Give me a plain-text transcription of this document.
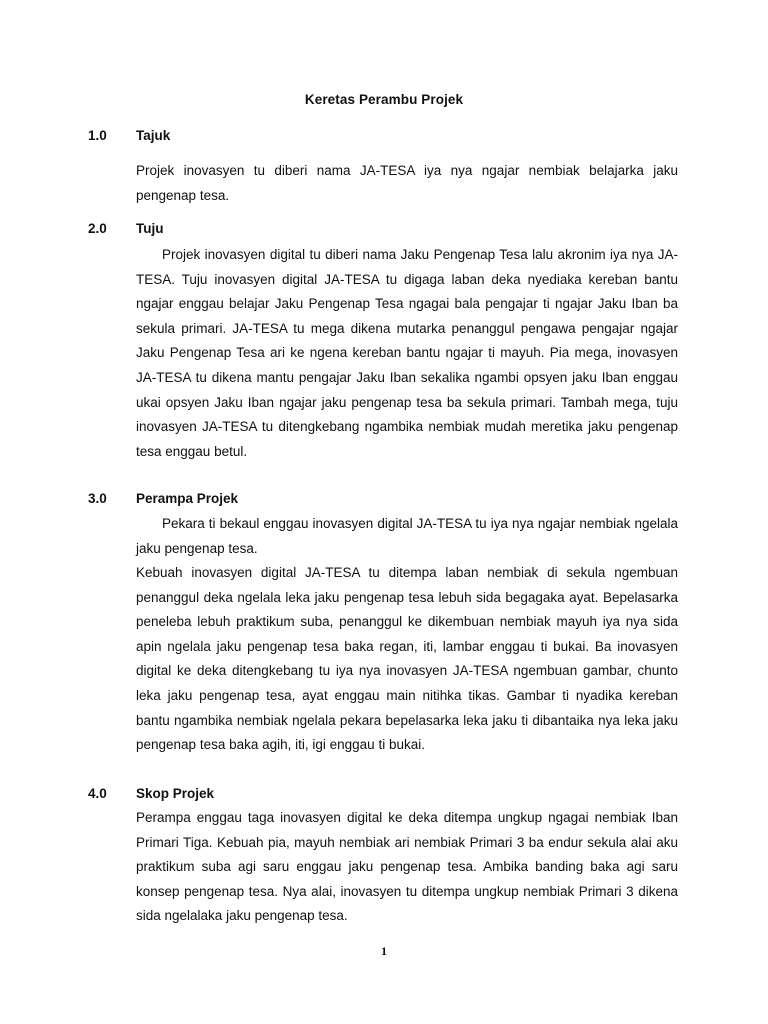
Keretas Perambu Projek
1.0 Tajuk

Projek inovasyen tu diberi nama JA-TESA iya nya ngajar nembiak belajarka jaku pengenap tesa.

2.0 Tuju

Projek inovasyen digital tu diberi nama Jaku Pengenap Tesa lalu akronim iya nya JA-TESA. Tuju inovasyen digital JA-TESA tu digaga laban deka nyediaka kereban bantu ngajar enggau belajar Jaku Pengenap Tesa ngagai bala pengajar ti ngajar Jaku Iban ba sekula primari. JA-TESA tu mega dikena mutarka penanggul pengawa pengajar ngajar Jaku Pengenap Tesa ari ke ngena kereban bantu ngajar ti mayuh. Pia mega, inovasyen JA-TESA tu dikena mantu pengajar Jaku Iban sekalika ngambi opsyen jaku Iban enggau ukai opsyen Jaku Iban ngajar jaku pengenap tesa ba sekula primari. Tambah mega, tuju inovasyen JA-TESA tu ditengkebang ngambika nembiak mudah meretika jaku pengenap tesa enggau betul.

3.0 Perampa Projek

Pekara ti bekaul enggau inovasyen digital JA-TESA tu iya nya ngajar nembiak ngelala jaku pengenap tesa.

Kebuah inovasyen digital JA-TESA tu ditempa laban nembiak di sekula ngembuan penanggul deka ngelala leka jaku pengenap tesa lebuh sida begagaka ayat. Bepelasarka peneleba lebuh praktikum suba, penanggul ke dikembuan nembiak mayuh iya nya sida apin ngelala jaku pengenap tesa baka regan, iti, lambar enggau ti bukai. Ba inovasyen digital ke deka ditengkebang tu iya nya inovasyen JA-TESA ngembuan gambar, chunto leka jaku pengenap tesa, ayat enggau main nitihka tikas. Gambar ti nyadika kereban bantu ngambika nembiak ngelala pekara bepelasarka leka jaku ti dibantaika nya leka jaku pengenap tesa baka agih, iti, igi enggau ti bukai.

4.0 Skop Projek

Perampa enggau taga inovasyen digital ke deka ditempa ungkup ngagai nembiak Iban Primari Tiga. Kebuah pia, mayuh nembiak ari nembiak Primari 3 ba endur sekula alai aku praktikum suba agi saru enggau jaku pengenap tesa. Ambika banding baka agi saru konsep pengenap tesa. Nya alai, inovasyen tu ditempa ungkup nembiak Primari 3 dikena sida ngelalaka jaku pengenap tesa.

1
